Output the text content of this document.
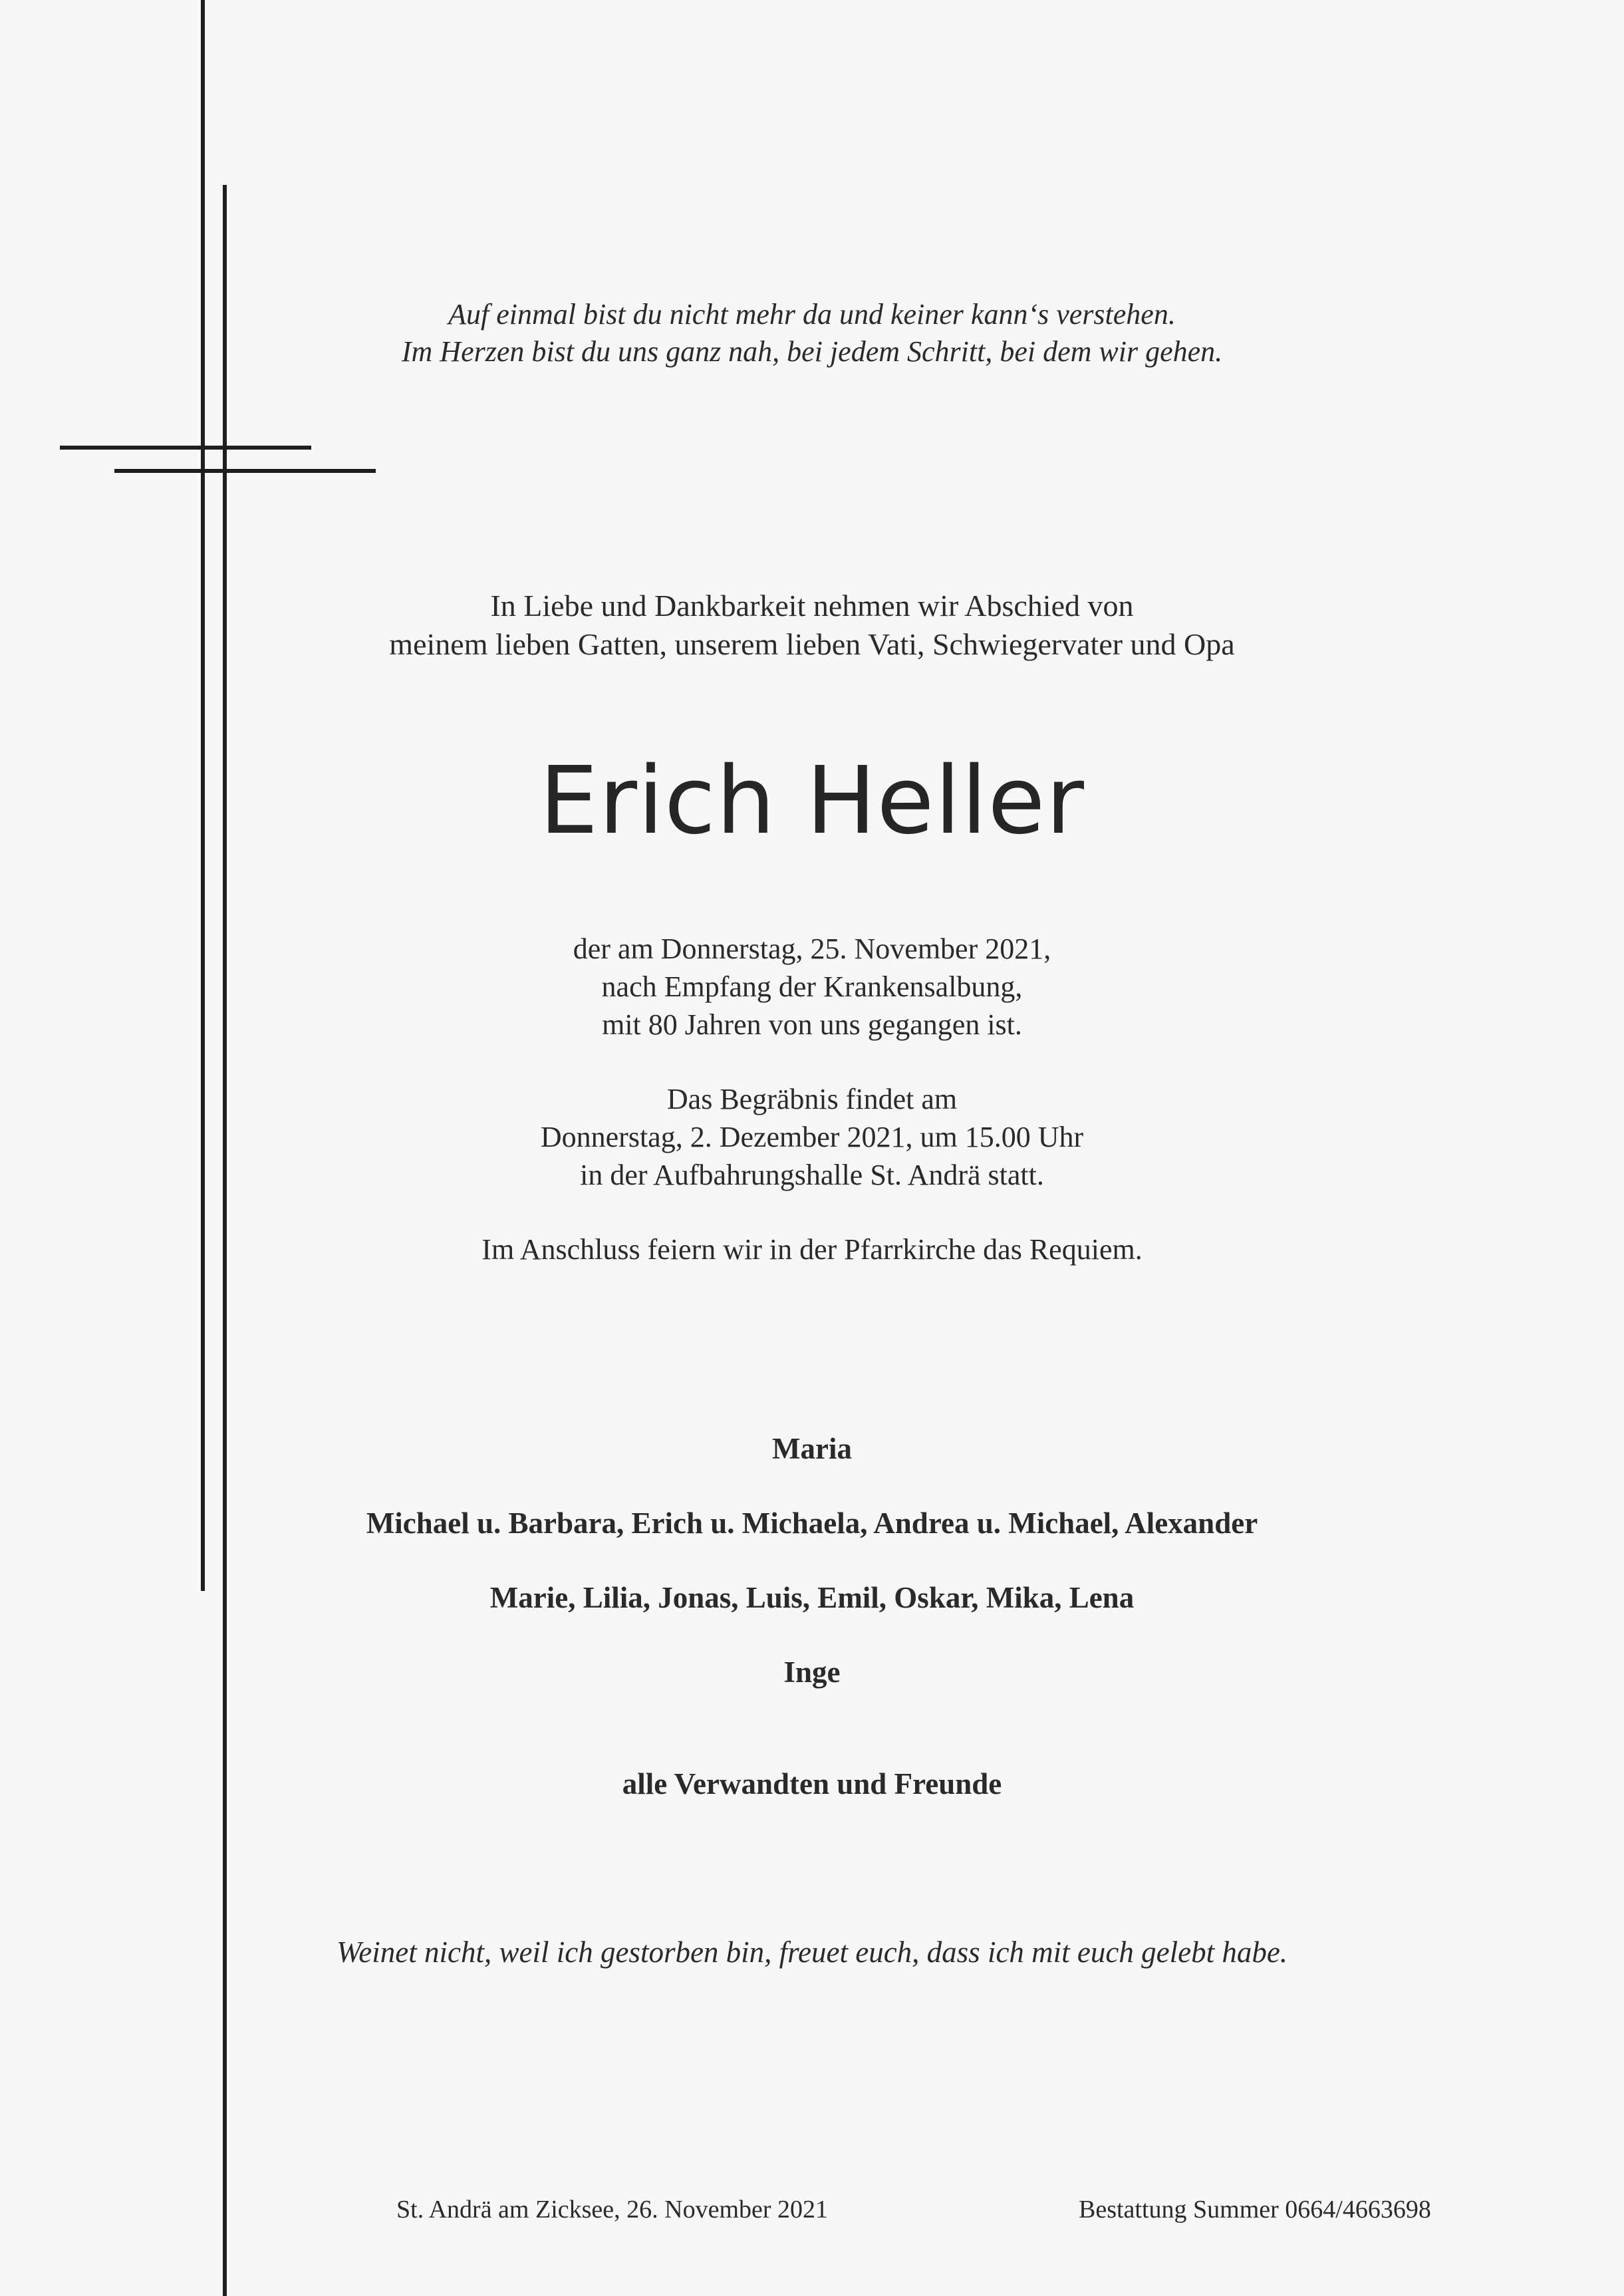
Auf einmal bist du nicht mehr da und keiner kann‘s verstehen.
Im Herzen bist du uns ganz nah, bei jedem Schritt, bei dem wir gehen.
In Liebe und Dankbarkeit nehmen wir Abschied von
meinem lieben Gatten, unserem lieben Vati, Schwiegervater und Opa
Erich Heller
der am Donnerstag, 25. November 2021,
nach Empfang der Krankensalbung,
mit 80 Jahren von uns gegangen ist.
Das Begräbnis findet am
Donnerstag, 2. Dezember 2021, um 15.00 Uhr
in der Aufbahrungshalle St. Andrä statt.
Im Anschluss feiern wir in der Pfarrkirche das Requiem.
Maria
Michael u. Barbara, Erich u. Michaela, Andrea u. Michael, Alexander
Marie, Lilia, Jonas, Luis, Emil, Oskar, Mika, Lena
Inge
alle Verwandten und Freunde
Weinet nicht, weil ich gestorben bin, freuet euch, dass ich mit euch gelebt habe.
St. Andrä am Zicksee, 26. November 2021	Bestattung Summer 0664/4663698
